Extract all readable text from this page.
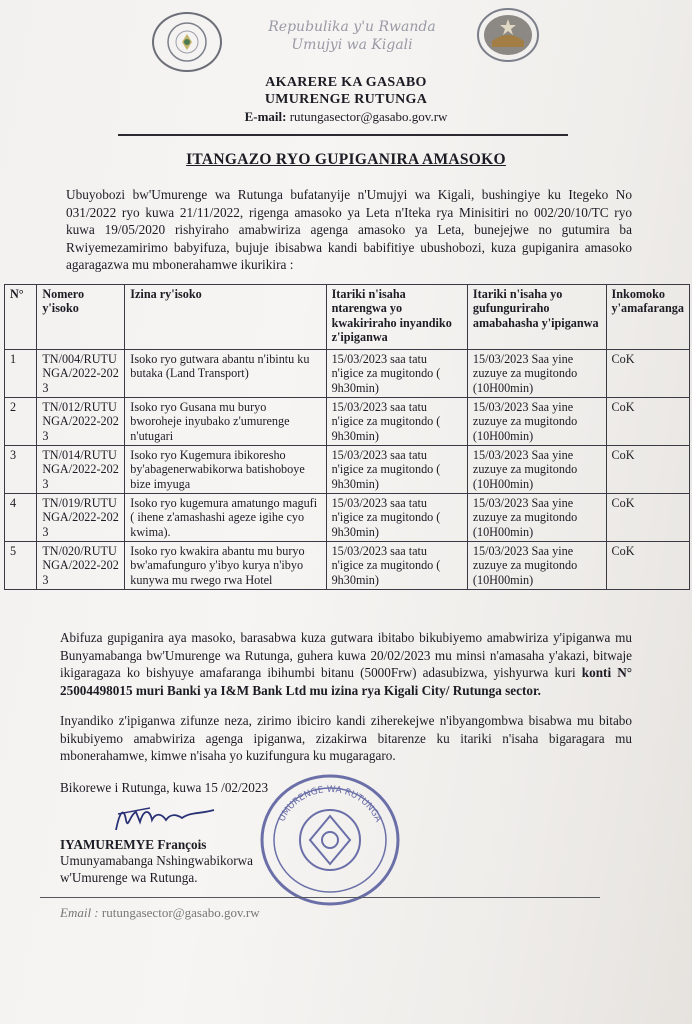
Repubulika y'u Rwanda
Umujyi wa Kigali
AKARERE KA GASABO
UMURENGE RUTUNGA
E-mail: rutungasector@gasabo.gov.rw
ITANGAZO RYO GUPIGANIRA AMASOKO
Ubuyobozi bw'Umurenge wa Rutunga bufatanyije n'Umujyi wa Kigali, bushingiye ku Itegeko No 031/2022 ryo kuwa 21/11/2022, rigenga amasoko ya Leta n'Iteka rya Minisitiri no 002/20/10/TC ryo kuwa 19/05/2020 rishyiraho amabwiriza agenga amasoko ya Leta, bunejejwe no gutumira ba Rwiyemezamirimo babyifuza, bujuje ibisabwa kandi babifitiye ubushobozi, kuza gupiganira amasoko agaragazwa mu mbonerahamwe ikurikira :
N°	Nomero y'isoko	Izina ry'isoko	Itariki n'isaha ntarengwa yo kwakiriraho inyandiko z'ipiganwa	Itariki n'isaha yo gufunguriraho amabahasha y'ipiganwa	Inkomoko y'amafaranga
1	TN/004/RUTUNGA/2022-2023	Isoko ryo gutwara abantu n'ibintu ku butaka (Land Transport)	15/03/2023 saa tatu n'igice za mugitondo ( 9h30min)	15/03/2023 Saa yine zuzuye za mugitondo (10H00min)	CoK
2	TN/012/RUTUNGA/2022-2023	Isoko ryo Gusana mu buryo bworoheje inyubako z'umurenge n'utugari	15/03/2023 saa tatu n'igice za mugitondo ( 9h30min)	15/03/2023 Saa yine zuzuye za mugitondo (10H00min)	CoK
3	TN/014/RUTUNGA/2022-2023	Isoko ryo Kugemura ibikoresho by'abagenerwabikorwa batishoboye bize imyuga	15/03/2023 saa tatu n'igice za mugitondo ( 9h30min)	15/03/2023 Saa yine zuzuye za mugitondo (10H00min)	CoK
4	TN/019/RUTUNGA/2022-2023	Isoko ryo kugemura amatungo magufi ( ihene z'amashashi ageze igihe cyo kwima).	15/03/2023 saa tatu n'igice za mugitondo ( 9h30min)	15/03/2023 Saa yine zuzuye za mugitondo (10H00min)	CoK
5	TN/020/RUTUNGA/2022-2023	Isoko ryo kwakira abantu mu buryo bw'amafunguro y'ibyo kurya n'ibyo kunywa mu rwego rwa Hotel	15/03/2023 saa tatu n'igice za mugitondo ( 9h30min)	15/03/2023 Saa yine zuzuye za mugitondo (10H00min)	CoK
Abifuza gupiganira aya masoko, barasabwa kuza gutwara ibitabo bikubiyemo amabwiriza y'ipiganwa mu Bunyamabanga bw'Umurenge wa Rutunga, guhera kuwa 20/02/2023 mu minsi n'amasaha y'akazi, bitwaje ikigaragaza ko bishyuye amafaranga ibihumbi bitanu (5000Frw) adasubizwa, yishyurwa kuri konti N° 25004498015 muri Banki ya I&M Bank Ltd mu izina rya Kigali City/ Rutunga sector.
Inyandiko z'ipiganwa zifunze neza, zirimo ibiciro kandi ziherekejwe n'ibyangombwa bisabwa mu bitabo bikubiyemo amabwiriza agenga ipiganwa, zizakirwa bitarenze ku itariki n'isaha bigaragara mu mbonerahamwe, kimwe n'isaha yo kuzifungura ku mugaragaro.
Bikorewe i Rutunga, kuwa 15 /02/2023
UMURENGE WA RUTUNGA
IYAMUREMYE François
Umunyamabanga Nshingwabikorwa
w'Umurenge wa Rutunga.
Email : rutungasector@gasabo.gov.rw
